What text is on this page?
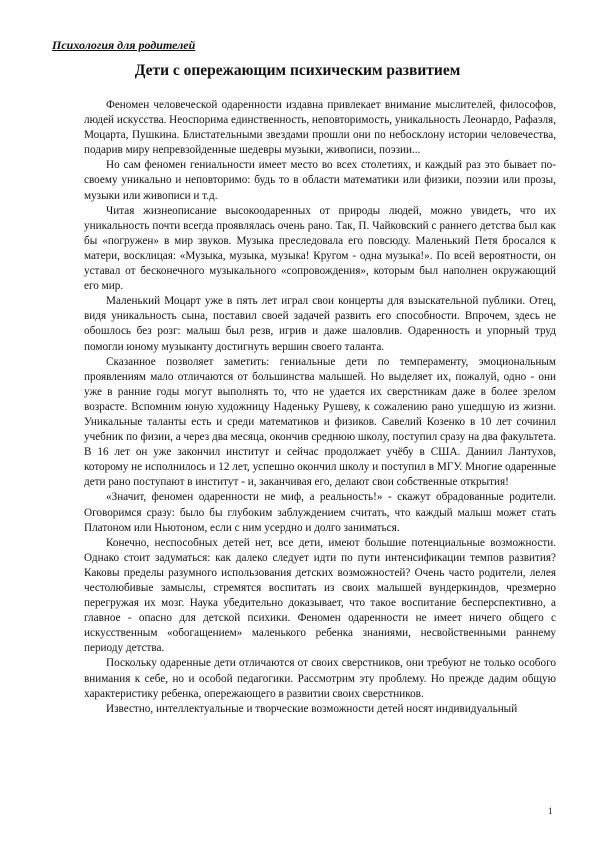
Психология для родителей
Дети с опережающим психическим развитием

Феномен человеческой одаренности издавна привлекает внимание мыслителей, философов, людей искусства. Неоспорима единственность, неповторимость, уникальность Леонардо, Рафаэля, Моцарта, Пушкина. Блистательными звездами прошли они по небосклону истории человечества, подарив миру непревзойденные шедевры музыки, живописи, поэзии...

Но сам феномен гениальности имеет место во всех столетиях, и каждый раз это бывает по-своему уникально и неповторимо: будь то в области математики или физики, поэзии или прозы, музыки или живописи и т.д.

Читая жизнеописание высокоодаренных от природы людей, можно увидеть, что их уникальность почти всегда проявлялась очень рано. Так, П. Чайковский с раннего детства был как бы «погружен» в мир звуков. Музыка преследовала его повсюду. Маленький Петя бросался к матери, восклицая: «Музыка, музыка, музыка! Кругом - одна музыка!». По всей вероятности, он уставал от бесконечного музыкального «сопровождения», которым был наполнен окружающий его мир.

Маленький Моцарт уже в пять лет играл свои концерты для взыскательной публики. Отец, видя уникальность сына, поставил своей задачей развить его способности. Впрочем, здесь не обошлось без розг: малыш был резв, игрив и даже шаловлив. Одаренность и упорный труд помогли юному музыканту достигнуть вершин своего таланта.

Сказанное позволяет заметить: гениальные дети по темпераменту, эмоциональным проявлениям мало отличаются от большинства малышей. Но выделяет их, пожалуй, одно - они уже в ранние годы могут выполнять то, что не удается их сверстникам даже в более зрелом возрасте. Вспомним юную художницу Наденьку Рушеву, к сожалению рано ушедшую из жизни. Уникальные таланты есть и среди математиков и физиков. Савелий Козенко в 10 лет сочинил учебник по физии, а через два месяца, окончив среднюю школу, поступил сразу на два факультета. В 16 лет он уже закончил институт и сейчас продолжает учёбу в США. Даниил Лантухов, которому не исполнилось и 12 лет, успешно окончил школу и поступил в МГУ. Многие одаренные дети рано поступают в институт - и, заканчивая его, делают свои собственные открытия!

«Значит, феномен одаренности не миф, а реальность!» - скажут обрадованные родители. Оговоримся сразу: было бы глубоким заблуждением считать, что каждый малыш может стать Платоном или Ньютоном, если с ним усердно и долго заниматься.

Конечно, неспособных детей нет, все дети, имеют большие потенциальные возможности. Однако стоит задуматься: как далеко следует идти по пути интенсификации темпов развития? Каковы пределы разумного использования детских возможностей? Очень часто родители, лелея честолюбивые замыслы, стремятся воспитать из своих малышей вундеркиндов, чрезмерно перегружая их мозг. Наука убедительно доказывает, что такое воспитание бесперспективно, а главное - опасно для детской психики. Феномен одаренности не имеет ничего общего с искусственным «обогащением» маленького ребенка знаниями, несвойственными раннему периоду детства.

Поскольку одаренные дети отличаются от своих сверстников, они требуют не только особого внимания к себе, но и особой педагогики. Рассмотрим эту проблему. Но прежде дадим общую характеристику ребенка, опережающего в развитии своих сверстников.

Известно, интеллектуальные и творческие возможности детей носят индивидуальный

1
